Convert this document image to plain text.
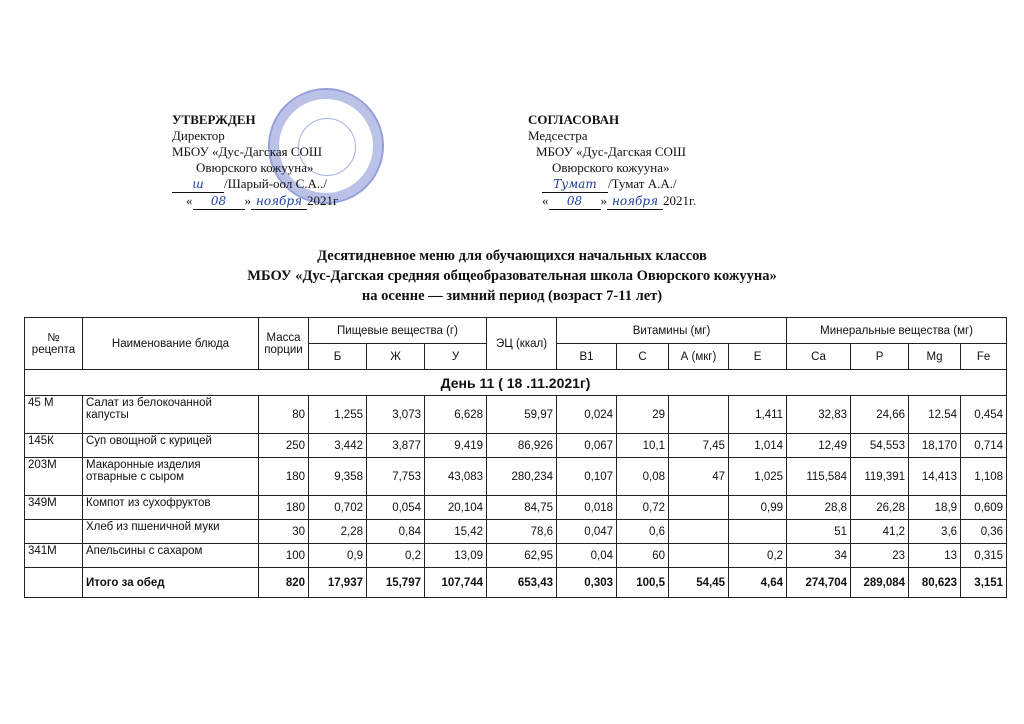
УТВЕРЖДЕН
Директор
МБОУ «Дус-Дагская СОШ
Овюрского кожууна»
ш /Шарый-оол С.А../
« 08 » ноября 2021г
СОГЛАСОВАН
Медсестра
МБОУ «Дус-Дагская СОШ
Овюрского кожууна»
Тумат /Тумат А.А./
« 08 » ноября 2021г.
Десятидневное меню для обучающихся начальных классов
МБОУ «Дус-Дагская средняя общеобразовательная школа Овюрского кожууна»
на осенне — зимний период (возраст 7-11 лет)
№ рецепта	Наименование блюда	Масса порции	Пищевые вещества (г)			ЭЦ (ккал)	Витамины (мг)				Минеральные вещества (мг)			
			Б	Ж	У		В1	С	А (мкг)	Е	Са	Р	Mg	Fe
День 11 ( 18 .11.2021г)														
45 М	Салат из белокочанной капусты	80	1,255	3,073	6,628	59,97	0,024	29		1,411	32,83	24,66	12.54	0,454
145К	Суп овощной с курицей	250	3,442	3,877	9,419	86,926	0,067	10,1	7,45	1,014	12,49	54,553	18,170	0,714
203М	Макаронные изделия отварные с сыром	180	9,358	7,753	43,083	280,234	0,107	0,08	47	1,025	115,584	119,391	14,413	1,108
349М	Компот из сухофруктов	180	0,702	0,054	20,104	84,75	0,018	0,72		0,99	28,8	26,28	18,9	0,609
	Хлеб из пшеничной муки	30	2,28	0,84	15,42	78,6	0,047	0,6			51	41,2	3,6	0,36
341М	Апельсины с сахаром	100	0,9	0,2	13,09	62,95	0,04	60		0,2	34	23	13	0,315
	Итого за обед	820	17,937	15,797	107,744	653,43	0,303	100,5	54,45	4,64	274,704	289,084	80,623	3,151
